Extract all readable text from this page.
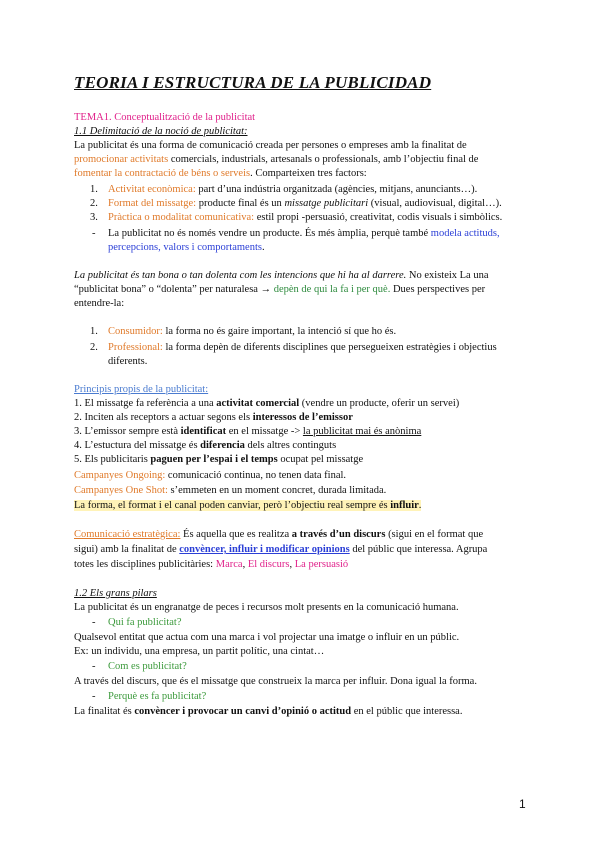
TEORIA I ESTRUCTURA DE LA PUBLICIDAD
TEMA1. Conceptualització de la publicitat
1.1 Delimitació de la noció de publicitat:
La publicitat és una forma de comunicació creada per persones o empreses amb la finalitat de
promocionar activitats comercials, industrials, artesanals o professionals, amb l’objectiu final de
fomentar la contractació de béns o serveis. Comparteixen tres factors:
1. Activitat econòmica: part d’una indústria organitzada (agències, mitjans, anunciants…).
2. Format del missatge: producte final és un missatge publicitari (visual, audiovisual, digital…).
3. Pràctica o modalitat comunicativa: estil propi -persuasió, creativitat, codis visuals i simbòlics.
- La publicitat no és només vendre un producte. És més àmplia, perquè també modela actituds,
percepcions, valors i comportaments.
La publicitat és tan bona o tan dolenta com les intencions que hi ha al darrere. No existeix La una
“publicitat bona” o “dolenta” per naturalesa → depèn de qui la fa i per què. Dues perspectives per
entendre-la:
1. Consumidor: la forma no és gaire important, la intenció sí que ho és.
2. Professional: la forma depèn de diferents disciplines que persegueixen estratègies i objectius
diferents.
Principis propis de la publicitat:
1. El missatge fa referència a una activitat comercial (vendre un producte, oferir un servei)
2. Inciten als receptors a actuar segons els interessos de l’emissor
3. L’emissor sempre està identificat en el missatge -> la publicitat mai és anònima
4. L’estuctura del missatge és diferencia dels altres continguts
5. Els publicitaris paguen per l’espai i el temps ocupat pel missatge
Campanyes Ongoing: comunicació continua, no tenen data final.
Campanyes One Shot: s’emmeten en un moment concret, durada limitada.
La forma, el format i el canal poden canviar, però l’objectiu real sempre és influir.
Comunicació estratègica: És aquella que es realitza a través d’un discurs (sigui en el format que
sigui) amb la finalitat de convèncer, influir i modificar opinions del públic que interessa. Agrupa
totes les disciplines publicitàries: Marca, El discurs, La persuasió
1.2 Els grans pilars
La publicitat és un engranatge de peces i recursos molt presents en la comunicació humana.
- Qui fa publicitat?
Qualsevol entitat que actua com una marca i vol projectar una imatge o influir en un públic.
Ex: un individu, una empresa, un partit polític, una cintat…
- Com es publicitat?
A través del discurs, que és el missatge que construeix la marca per influir. Dona igual la forma.
- Perquè es fa publicitat?
La finalitat és convèncer i provocar un canvi d’opinió o actitud en el públic que interessa.
1
